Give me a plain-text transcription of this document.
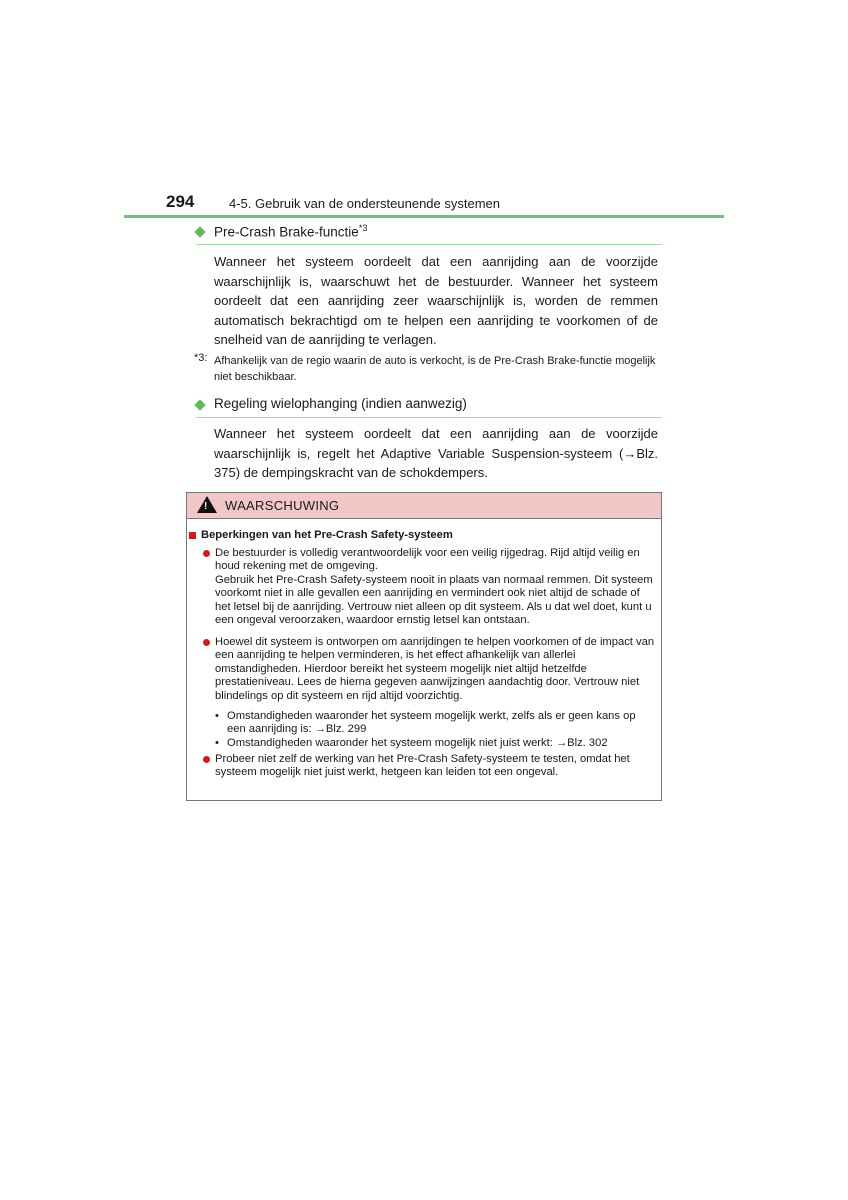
294	4-5. Gebruik van de ondersteunende systemen
Pre-Crash Brake-functie$^{*3}$
Wanneer het systeem oordeelt dat een aanrijding aan de voorzijde waarschijnlijk is, waarschuwt het de bestuurder. Wanneer het systeem oordeelt dat een aanrijding zeer waarschijnlijk is, worden de remmen automatisch bekrachtigd om te helpen een aanrijding te voorkomen of de snelheid van de aanrijding te verlagen.
*3: Afhankelijk van de regio waarin de auto is verkocht, is de Pre-Crash Brake-functie mogelijk niet beschikbaar.
Regeling wielophanging (indien aanwezig)
Wanneer het systeem oordeelt dat een aanrijding aan de voorzijde waarschijnlijk is, regelt het Adaptive Variable Suspension-systeem (→Blz. 375) de dempingskracht van de schokdempers.
! WAARSCHUWING
Beperkingen van het Pre-Crash Safety-systeem
De bestuurder is volledig verantwoordelijk voor een veilig rijgedrag. Rijd altijd veilig en houd rekening met de omgeving.
Gebruik het Pre-Crash Safety-systeem nooit in plaats van normaal remmen. Dit systeem voorkomt niet in alle gevallen een aanrijding en vermindert ook niet altijd de schade of het letsel bij de aanrijding. Vertrouw niet alleen op dit systeem. Als u dat wel doet, kunt u een ongeval veroorzaken, waardoor ernstig letsel kan ontstaan.
Hoewel dit systeem is ontworpen om aanrijdingen te helpen voorkomen of de impact van een aanrijding te helpen verminderen, is het effect afhankelijk van allerlei omstandigheden. Hierdoor bereikt het systeem mogelijk niet altijd hetzelfde prestatieniveau. Lees de hierna gegeven aanwijzingen aandachtig door. Vertrouw niet blindelings op dit systeem en rijd altijd voorzichtig.
• Omstandigheden waaronder het systeem mogelijk werkt, zelfs als er geen kans op een aanrijding is: →Blz. 299
• Omstandigheden waaronder het systeem mogelijk niet juist werkt: →Blz. 302
Probeer niet zelf de werking van het Pre-Crash Safety-systeem te testen, omdat het systeem mogelijk niet juist werkt, hetgeen kan leiden tot een ongeval.
